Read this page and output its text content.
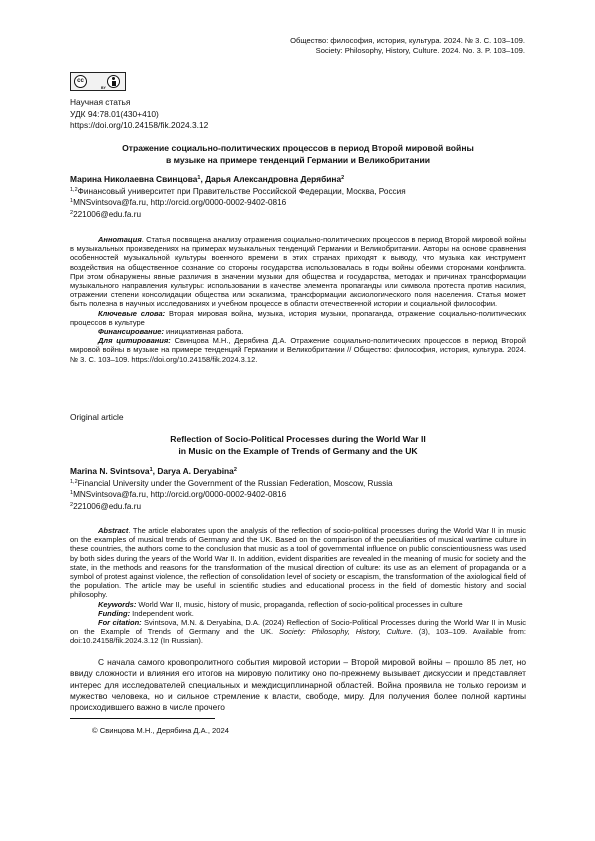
Общество: философия, история, культура. 2024. № 3. С. 103–109.
Society: Philosophy, History, Culture. 2024. No. 3. P. 103–109.
cc
BY
Научная статья
УДК 94:78.01(430+410)
https://doi.org/10.24158/fik.2024.3.12
Отражение социально-политических процессов в период Второй мировой войны
в музыке на примере тенденций Германии и Великобритании
Марина Николаевна Свинцова$^1$, Дарья Александровна Дерябина$^2$
$^{1,2}$Финансовый университет при Правительстве Российской Федерации, Москва, Россия
$^1$MNSvintsova@fa.ru, http://orcid.org/0000-0002-9402-0816
$^2$221006@edu.fa.ru

Аннотация. Статья посвящена анализу отражения социально-политических процессов в период Второй мировой войны в музыкальных произведениях на примерах музыкальных тенденций Германии и Великобритании. Авторы на основе сравнения особенностей музыкальной культуры военного времени в этих странах приходят к выводу, что музыка как инструмент воздействия на общественное сознание со стороны государства использовалась в годы войны обеими сторонами конфликта. При этом обнаружены явные различия в значении музыки для общества и государства, методах и причинах трансформации музыкального направления культуры: использовании в качестве элемента пропаганды или символа протеста против насилия, отражении степени консолидации общества или эскапизма, трансформации аксиологического поля населения. Статья может быть полезна в научных исследованиях и учебном процессе в области отечественной истории и социальной философии.

Ключевые слова: Вторая мировая война, музыка, история музыки, пропаганда, отражение социально-политических процессов в культуре

Финансирование: инициативная работа.

Для цитирования: Свинцова М.Н., Дерябина Д.А. Отражение социально-политических процессов в период Второй мировой войны в музыке на примере тенденций Германии и Великобритании // Общество: философия, история, культура. 2024. № 3. С. 103–109. https://doi.org/10.24158/fik.2024.3.12.

Original article
Reflection of Socio-Political Processes during the World War II
in Music on the Example of Trends of Germany and the UK
Marina N. Svintsova$^1$, Darya A. Deryabina$^2$
$^{1,2}$Financial University under the Government of the Russian Federation, Moscow, Russia
$^1$MNSvintsova@fa.ru, http://orcid.org/0000-0002-9402-0816
$^2$221006@edu.fa.ru

Abstract. The article elaborates upon the analysis of the reflection of socio-political processes during the World War II in music on the examples of musical trends of Germany and the UK. Based on the comparison of the peculiarities of musical wartime culture in these countries, the authors come to the conclusion that music as a tool of governmental influence on public conscientiousness was used by both sides during the years of the World War II. In addition, evident disparities are revealed in the meaning of music for society and the state, in the methods and reasons for the transformation of the musical direction of culture: its use as an element of propaganda or a symbol of protest against violence, the reflection of consolidation level of society or escapism, the transformation of the axiological field of the population. The article may be useful in scientific studies and educational process in the field of domestic history and social philosophy.

Keywords: World War II, music, history of music, propaganda, reflection of socio-political processes in culture

Funding: Independent work.

For citation: Svintsova, M.N. & Deryabina, D.A. (2024) Reflection of Socio-Political Processes during the World War II in Music on the Example of Trends of Germany and the UK. Society: Philosophy, History, Culture. (3), 103–109. Available from: doi:10.24158/fik.2024.3.12 (In Russian).

С начала самого кровопролитного события мировой истории – Второй мировой войны – прошло 85 лет, но ввиду сложности и влияния его итогов на мировую политику оно по-прежнему вызывает дискуссии и представляет интерес для исследователей специальных и междисциплинарной областей. Война проявила не только героизм и мужество человека, но и сильное стремление к власти, свободе, миру. Для получения более полной картины происходившего важно в числе прочего
© Свинцова М.Н., Дерябина Д.А., 2024
